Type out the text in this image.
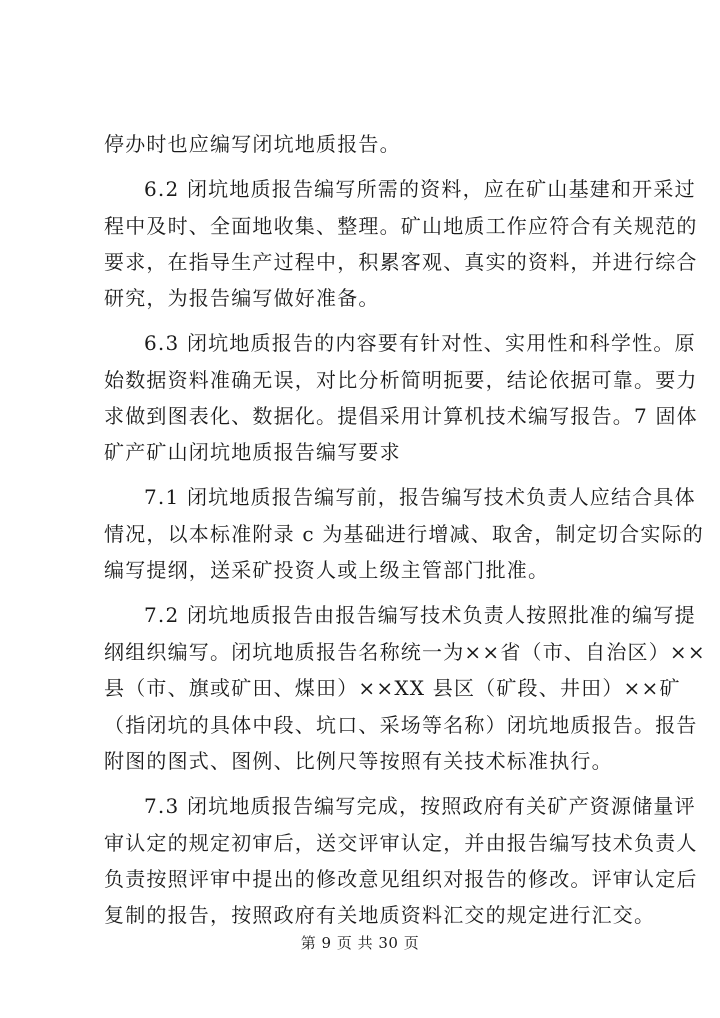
停办时也应编写闭坑地质报告。
6.2 闭坑地质报告编写所需的资料，应在矿山基建和开采过
程中及时、全面地收集、整理。矿山地质工作应符合有关规范的
要求，在指导生产过程中，积累客观、真实的资料，并进行综合
研究，为报告编写做好准备。
6.3 闭坑地质报告的内容要有针对性、实用性和科学性。原
始数据资料准确无误，对比分析简明扼要，结论依据可靠。要力
求做到图表化、数据化。提倡采用计算机技术编写报告。7 固体
矿产矿山闭坑地质报告编写要求
7.1 闭坑地质报告编写前，报告编写技术负责人应结合具体
情况，以本标准附录 c 为基础进行增减、取舍，制定切合实际的
编写提纲，送采矿投资人或上级主管部门批准。
7.2 闭坑地质报告由报告编写技术负责人按照批准的编写提
纲组织编写。闭坑地质报告名称统一为××省（市、自治区）××
县（市、旗或矿田、煤田）××XX 县区（矿段、井田）××矿
（指闭坑的具体中段、坑口、采场等名称）闭坑地质报告。报告
附图的图式、图例、比例尺等按照有关技术标准执行。
7.3 闭坑地质报告编写完成，按照政府有关矿产资源储量评
审认定的规定初审后，送交评审认定，并由报告编写技术负责人
负责按照评审中提出的修改意见组织对报告的修改。评审认定后
复制的报告，按照政府有关地质资料汇交的规定进行汇交。
第 9 页 共 30 页
